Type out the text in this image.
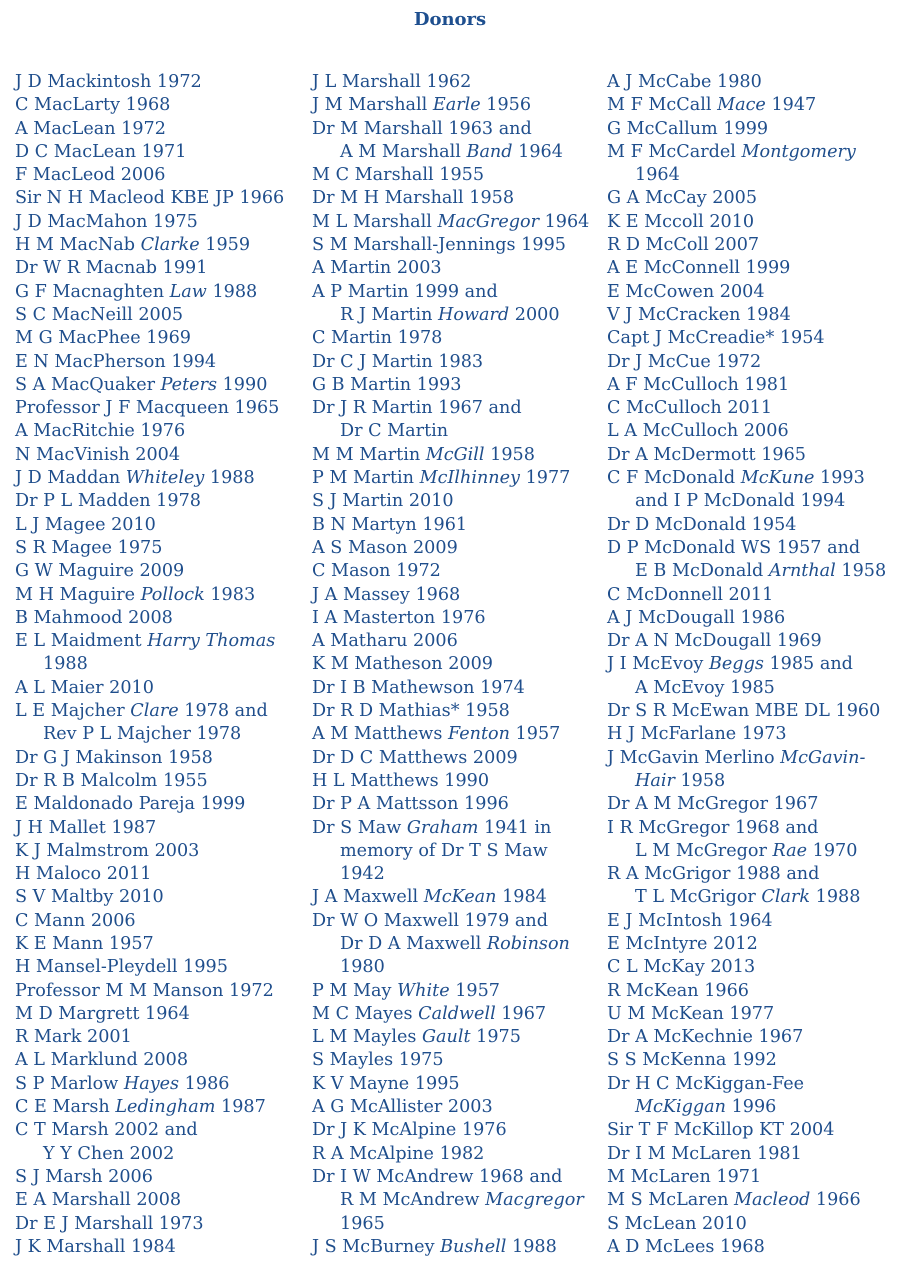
Donors
J D Mackintosh 1972
C MacLarty 1968
A MacLean 1972
D C MacLean 1971
F MacLeod 2006
Sir N H Macleod KBE JP 1966
J D MacMahon 1975
H M MacNab Clarke 1959
Dr W R Macnab 1991
G F Macnaghten Law 1988
S C MacNeill 2005
M G MacPhee 1969
E N MacPherson 1994
S A MacQuaker Peters 1990
Professor J F Macqueen 1965
A MacRitchie 1976
N MacVinish 2004
J D Maddan Whiteley 1988
Dr P L Madden 1978
L J Magee 2010
S R Magee 1975
G W Maguire 2009
M H Maguire Pollock 1983
B Mahmood 2008
E L Maidment Harry Thomas
1988
A L Maier 2010
L E Majcher Clare 1978 and
Rev P L Majcher 1978
Dr G J Makinson 1958
Dr R B Malcolm 1955
E Maldonado Pareja 1999
J H Mallet 1987
K J Malmstrom 2003
H Maloco 2011
S V Maltby 2010
C Mann 2006
K E Mann 1957
H Mansel-Pleydell 1995
Professor M M Manson 1972
M D Margrett 1964
R Mark 2001
A L Marklund 2008
S P Marlow Hayes 1986
C E Marsh Ledingham 1987
C T Marsh 2002 and
Y Y Chen 2002
S J Marsh 2006
E A Marshall 2008
Dr E J Marshall 1973
J K Marshall 1984
J L Marshall 1962
J M Marshall Earle 1956
Dr M Marshall 1963 and
A M Marshall Band 1964
M C Marshall 1955
Dr M H Marshall 1958
M L Marshall MacGregor 1964
S M Marshall-Jennings 1995
A Martin 2003
A P Martin 1999 and
R J Martin Howard 2000
C Martin 1978
Dr C J Martin 1983
G B Martin 1993
Dr J R Martin 1967 and
Dr C Martin
M M Martin McGill 1958
P M Martin McIlhinney 1977
S J Martin 2010
B N Martyn 1961
A S Mason 2009
C Mason 1972
J A Massey 1968
I A Masterton 1976
A Matharu 2006
K M Matheson 2009
Dr I B Mathewson 1974
Dr R D Mathias* 1958
A M Matthews Fenton 1957
Dr D C Matthews 2009
H L Matthews 1990
Dr P A Mattsson 1996
Dr S Maw Graham 1941 in
memory of Dr T S Maw
1942
J A Maxwell McKean 1984
Dr W O Maxwell 1979 and
Dr D A Maxwell Robinson
1980
P M May White 1957
M C Mayes Caldwell 1967
L M Mayles Gault 1975
S Mayles 1975
K V Mayne 1995
A G McAllister 2003
Dr J K McAlpine 1976
R A McAlpine 1982
Dr I W McAndrew 1968 and
R M McAndrew Macgregor
1965
J S McBurney Bushell 1988
A J McCabe 1980
M F McCall Mace 1947
G McCallum 1999
M F McCardel Montgomery
1964
G A McCay 2005
K E Mccoll 2010
R D McColl 2007
A E McConnell 1999
E McCowen 2004
V J McCracken 1984
Capt J McCreadie* 1954
Dr J McCue 1972
A F McCulloch 1981
C McCulloch 2011
L A McCulloch 2006
Dr A McDermott 1965
C F McDonald McKune 1993
and I P McDonald 1994
Dr D McDonald 1954
D P McDonald WS 1957 and
E B McDonald Arnthal 1958
C McDonnell 2011
A J McDougall 1986
Dr A N McDougall 1969
J I McEvoy Beggs 1985 and
A McEvoy 1985
Dr S R McEwan MBE DL 1960
H J McFarlane 1973
J McGavin Merlino McGavin-
Hair 1958
Dr A M McGregor 1967
I R McGregor 1968 and
L M McGregor Rae 1970
R A McGrigor 1988 and
T L McGrigor Clark 1988
E J McIntosh 1964
E McIntyre 2012
C L McKay 2013
R McKean 1966
U M McKean 1977
Dr A McKechnie 1967
S S McKenna 1992
Dr H C McKiggan-Fee
McKiggan 1996
Sir T F McKillop KT 2004
Dr I M McLaren 1981
M McLaren 1971
M S McLaren Macleod 1966
S McLean 2010
A D McLees 1968
